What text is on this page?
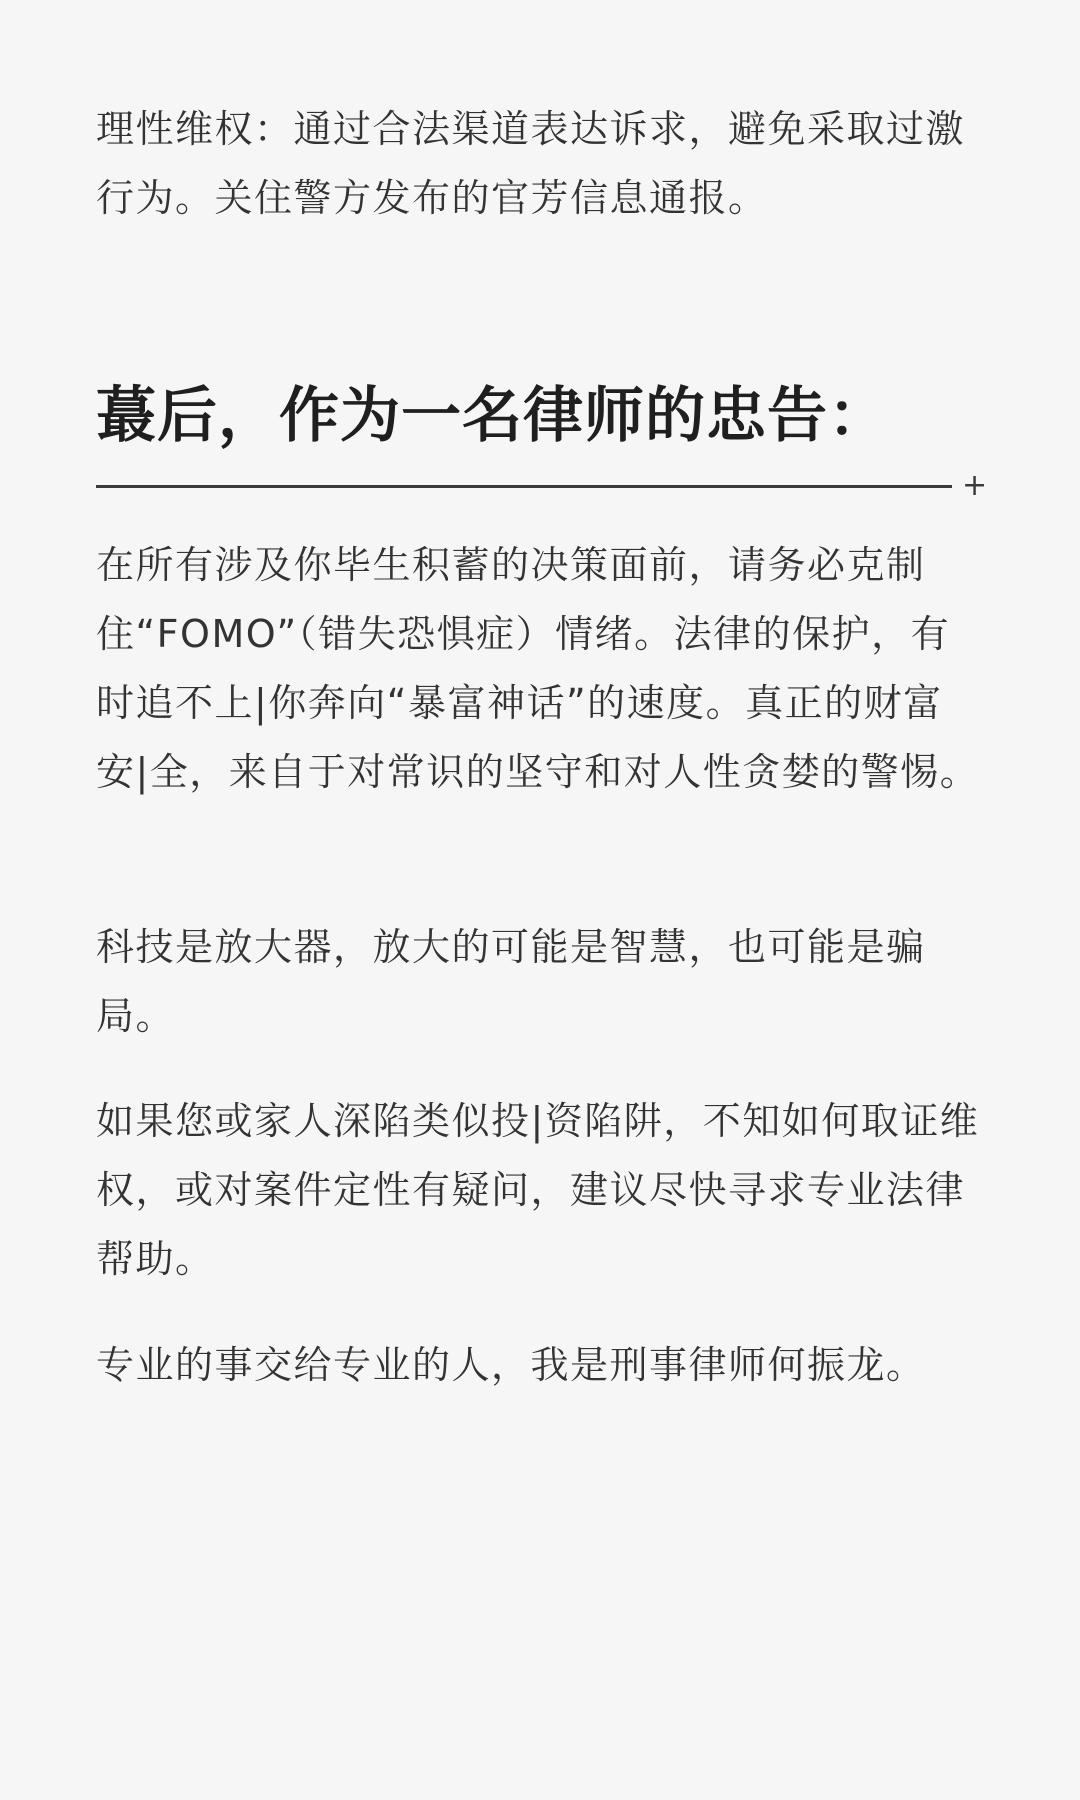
理性维权：通过合法渠道表达诉求，避免采取过激行为。关住警方发布的官芳信息通报。

蕞后，作为一名律师的忠告：
+

在所有涉及你毕生积蓄的决策面前，请务必克制住“FOMO”（错失恐惧症）情绪。法律的保护，有时追不上|你奔向“暴富神话”的速度。真正的财富安|全，来自于对常识的坚守和对人性贪婪的警惕。

科技是放大器，放大的可能是智慧，也可能是骗局。

如果您或家人深陷类似投|资陷阱，不知如何取证维权，或对案件定性有疑问，建议尽快寻求专业法律帮助。

专业的事交给专业的人，我是刑事律师何振龙。
